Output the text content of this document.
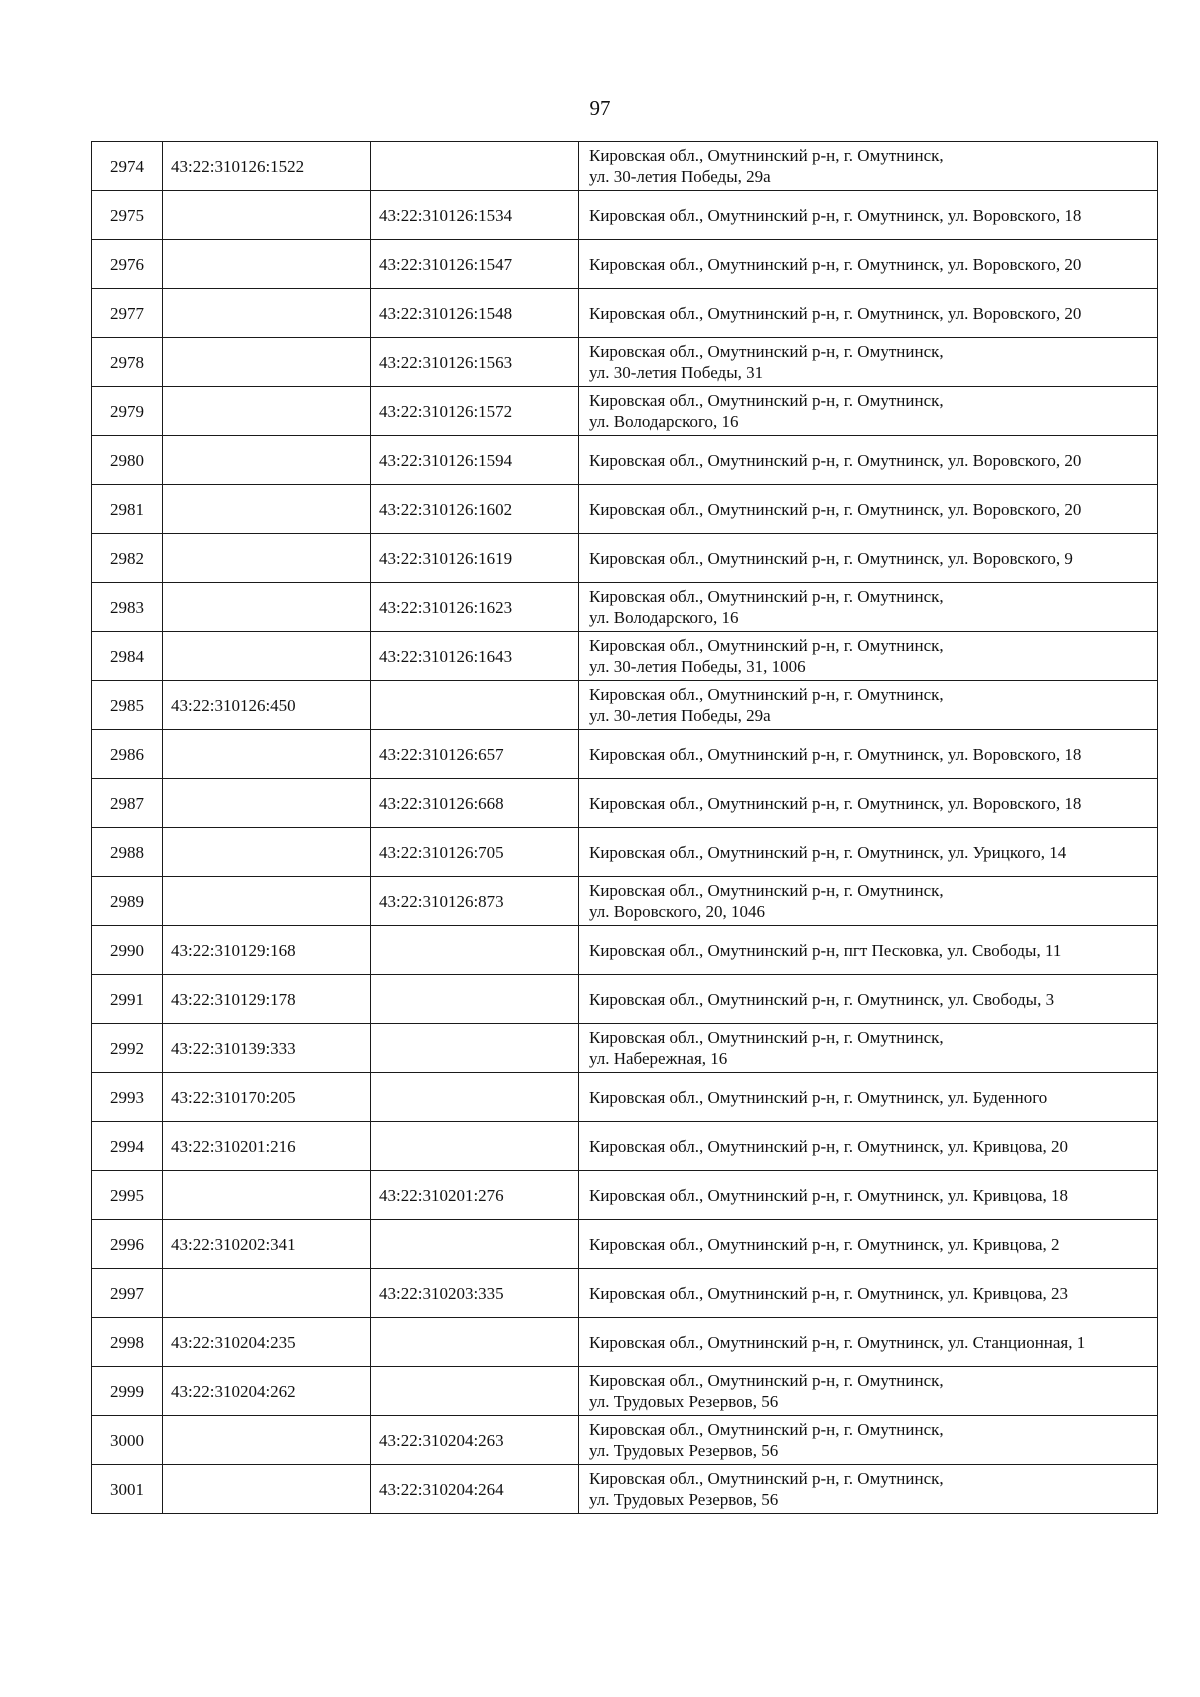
97
2974	43:22:310126:1522		Кировская обл., Омутнинский р-н, г. Омутнинск,
ул. 30-летия Победы, 29а

2975		43:22:310126:1534	Кировская обл., Омутнинский р-н, г. Омутнинск, ул. Воровского, 18

2976		43:22:310126:1547	Кировская обл., Омутнинский р-н, г. Омутнинск, ул. Воровского, 20

2977		43:22:310126:1548	Кировская обл., Омутнинский р-н, г. Омутнинск, ул. Воровского, 20

2978		43:22:310126:1563	Кировская обл., Омутнинский р-н, г. Омутнинск,
ул. 30-летия Победы, 31

2979		43:22:310126:1572	Кировская обл., Омутнинский р-н, г. Омутнинск,
ул. Володарского, 16

2980		43:22:310126:1594	Кировская обл., Омутнинский р-н, г. Омутнинск, ул. Воровского, 20

2981		43:22:310126:1602	Кировская обл., Омутнинский р-н, г. Омутнинск, ул. Воровского, 20

2982		43:22:310126:1619	Кировская обл., Омутнинский р-н, г. Омутнинск, ул. Воровского, 9

2983		43:22:310126:1623	Кировская обл., Омутнинский р-н, г. Омутнинск,
ул. Володарского, 16

2984		43:22:310126:1643	Кировская обл., Омутнинский р-н, г. Омутнинск,
ул. 30-летия Победы, 31, 1006

2985	43:22:310126:450		Кировская обл., Омутнинский р-н, г. Омутнинск,
ул. 30-летия Победы, 29а

2986		43:22:310126:657	Кировская обл., Омутнинский р-н, г. Омутнинск, ул. Воровского, 18

2987		43:22:310126:668	Кировская обл., Омутнинский р-н, г. Омутнинск, ул. Воровского, 18

2988		43:22:310126:705	Кировская обл., Омутнинский р-н, г. Омутнинск, ул. Урицкого, 14

2989		43:22:310126:873	Кировская обл., Омутнинский р-н, г. Омутнинск,
ул. Воровского, 20, 1046

2990	43:22:310129:168		Кировская обл., Омутнинский р-н, пгт Песковка, ул. Свободы, 11

2991	43:22:310129:178		Кировская обл., Омутнинский р-н, г. Омутнинск, ул. Свободы, 3

2992	43:22:310139:333		Кировская обл., Омутнинский р-н, г. Омутнинск,
ул. Набережная, 16

2993	43:22:310170:205		Кировская обл., Омутнинский р-н, г. Омутнинск, ул. Буденного

2994	43:22:310201:216		Кировская обл., Омутнинский р-н, г. Омутнинск, ул. Кривцова, 20

2995		43:22:310201:276	Кировская обл., Омутнинский р-н, г. Омутнинск, ул. Кривцова, 18

2996	43:22:310202:341		Кировская обл., Омутнинский р-н, г. Омутнинск, ул. Кривцова, 2

2997		43:22:310203:335	Кировская обл., Омутнинский р-н, г. Омутнинск, ул. Кривцова, 23

2998	43:22:310204:235		Кировская обл., Омутнинский р-н, г. Омутнинск, ул. Станционная, 1

2999	43:22:310204:262		Кировская обл., Омутнинский р-н, г. Омутнинск,
ул. Трудовых Резервов, 56

3000		43:22:310204:263	Кировская обл., Омутнинский р-н, г. Омутнинск,
ул. Трудовых Резервов, 56

3001		43:22:310204:264	Кировская обл., Омутнинский р-н, г. Омутнинск,
ул. Трудовых Резервов, 56
